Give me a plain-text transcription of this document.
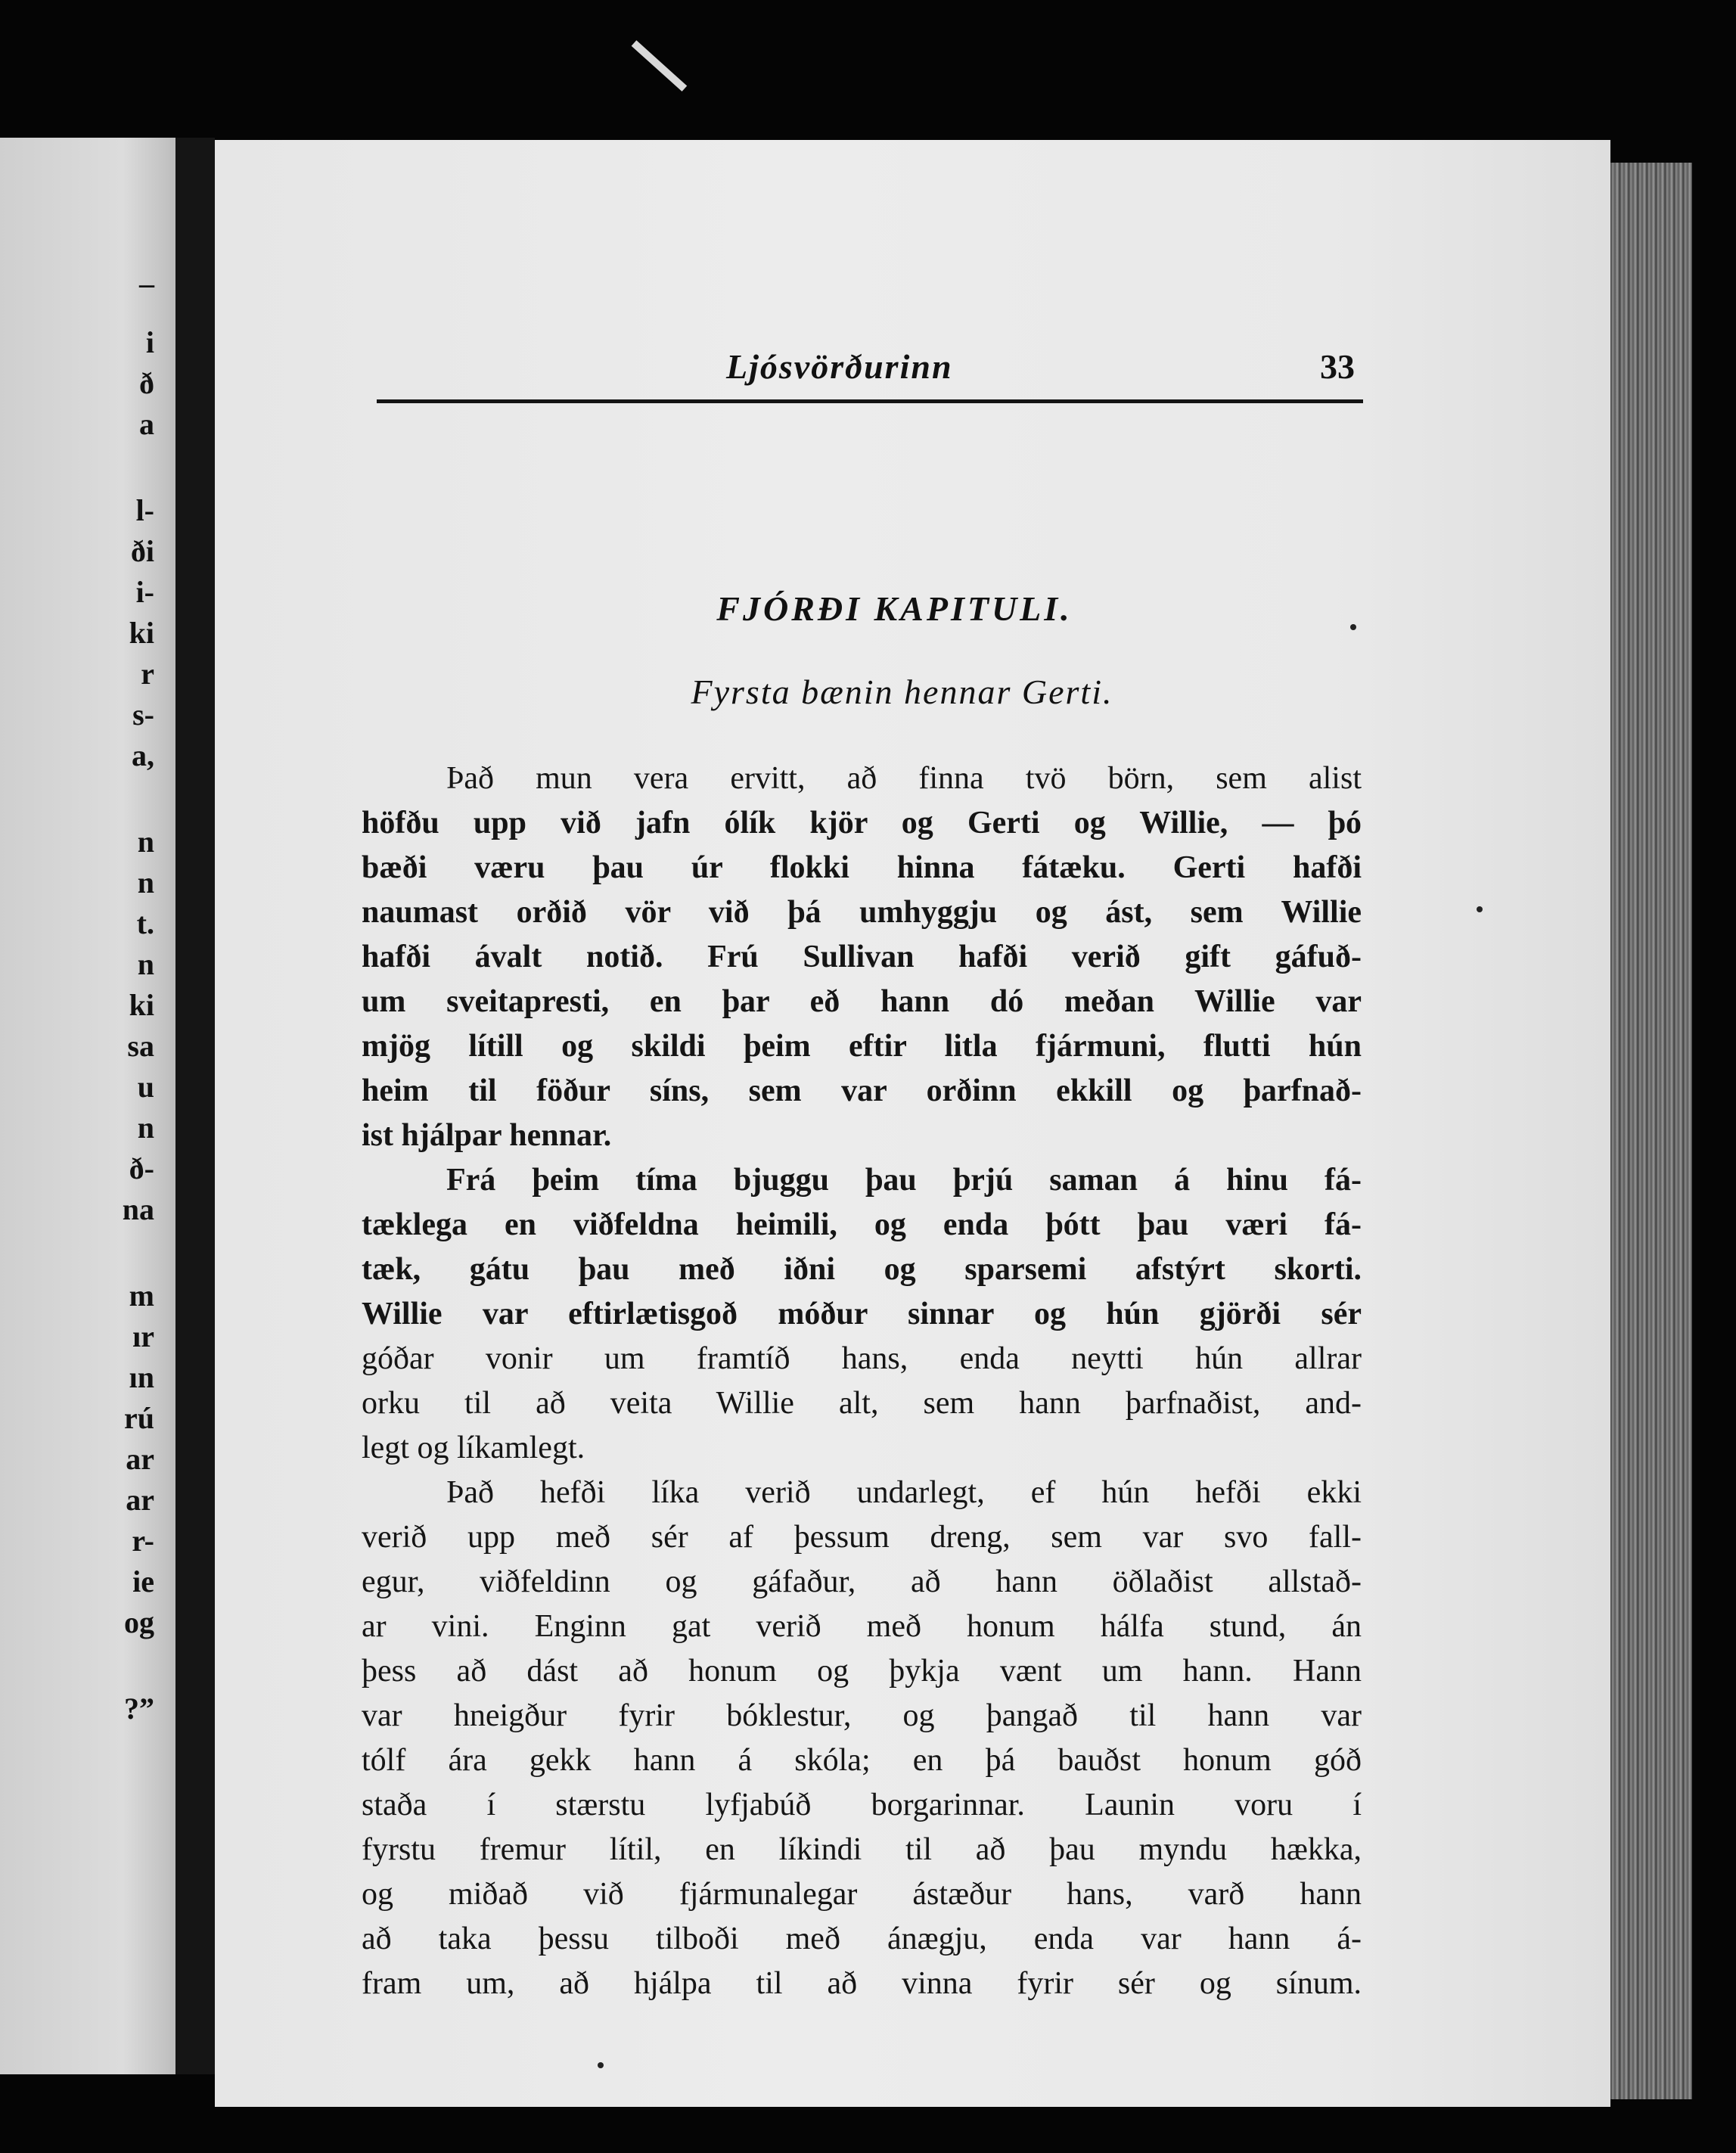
–
i
ð
a
l-
ði
i-
ki
r
s-
a,
n
n
t.
n
ki
sa
u
n
ð-
na
m
ır
ın
rú
ar
ar
r-
ie
og
?”
Ljósvörðurinn	33
FJÓRÐI KAPITULI.
Fyrsta bænin hennar Gerti.
Það mun vera ervitt, að finna tvö börn, sem alist
höfðu upp við jafn ólík kjör og Gerti og Willie, — þó
bæði væru þau úr flokki hinna fátæku. Gerti hafði
naumast orðið vör við þá umhyggju og ást, sem Willie
hafði ávalt notið. Frú Sullivan hafði verið gift gáfuð-
um sveitapresti, en þar eð hann dó meðan Willie var
mjög lítill og skildi þeim eftir litla fjármuni, flutti hún
heim til föður síns, sem var orðinn ekkill og þarfnað-
ist hjálpar hennar.
Frá þeim tíma bjuggu þau þrjú saman á hinu fá-
tæklega en viðfeldna heimili, og enda þótt þau væri fá-
tæk, gátu þau með iðni og sparsemi afstýrt skorti.
Willie var eftirlætisgoð móður sinnar og hún gjörði sér
góðar vonir um framtíð hans, enda neytti hún allrar
orku til að veita Willie alt, sem hann þarfnaðist, and-
legt og líkamlegt.
Það hefði líka verið undarlegt, ef hún hefði ekki
verið upp með sér af þessum dreng, sem var svo fall-
egur, viðfeldinn og gáfaður, að hann öðlaðist allstað-
ar vini. Enginn gat verið með honum hálfa stund, án
þess að dást að honum og þykja vænt um hann. Hann
var hneigður fyrir bóklestur, og þangað til hann var
tólf ára gekk hann á skóla; en þá bauðst honum góð
staða í stærstu lyfjabúð borgarinnar. Launin voru í
fyrstu fremur lítil, en líkindi til að þau myndu hækka,
og miðað við fjármunalegar ástæður hans, varð hann
að taka þessu tilboði með ánægju, enda var hann á-
fram um, að hjálpa til að vinna fyrir sér og sínum.
